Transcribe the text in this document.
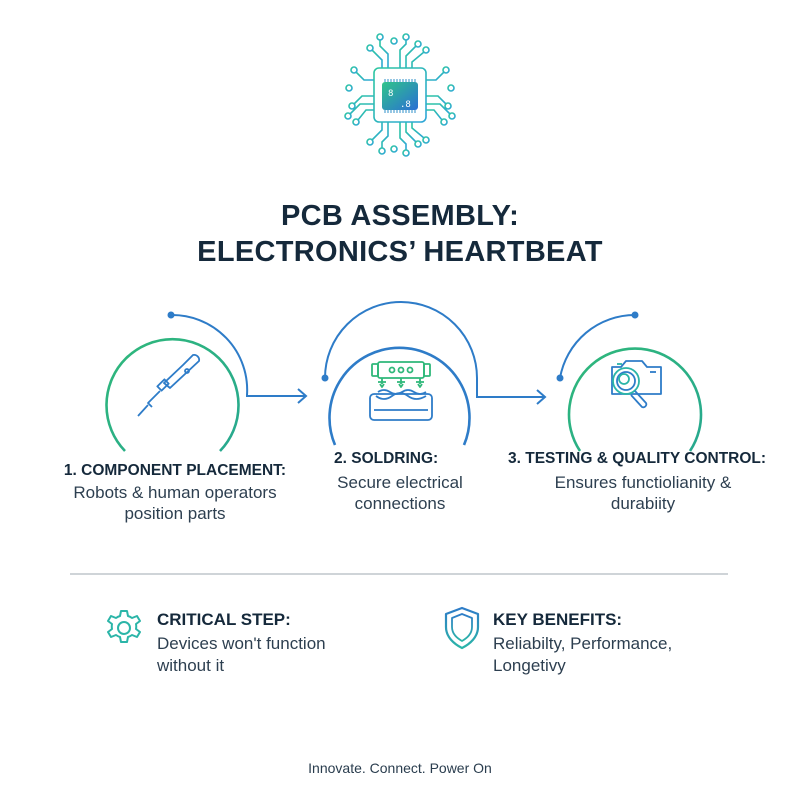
8
.8
PCB ASSEMBLY:
ELECTRONICS’ HEARTBEAT
1. COMPONENT PLACEMENT:
Robots & human operators
position parts
2. SOLDRING:
Secure electrical
connections
3. TESTING & QUALITY CONTROL:
Ensures functiolianity &
durabiity
CRITICAL STEP:
Devices won't function
without it
KEY BENEFITS:
Reliabilty, Performance,
Longetivy
Innovate. Connect. Power On
